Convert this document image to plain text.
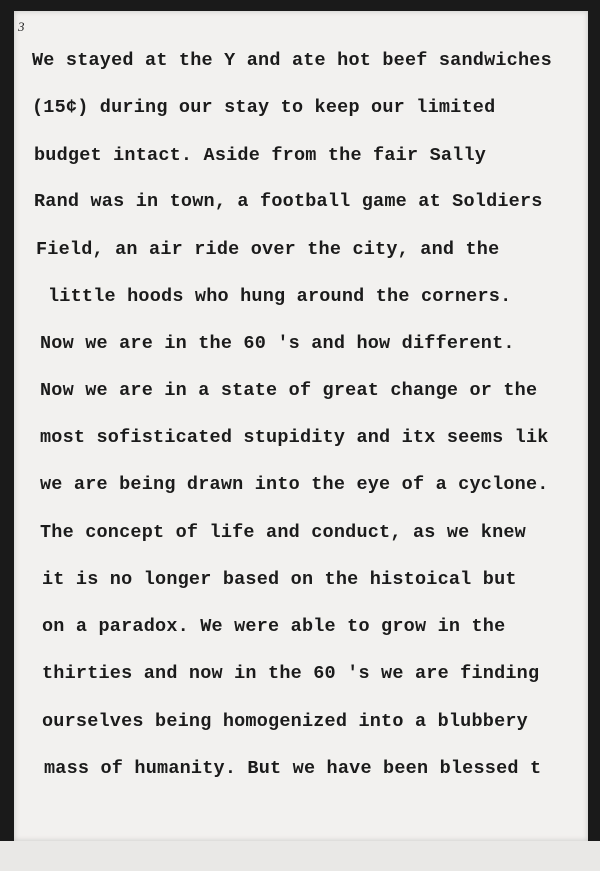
3
We stayed at the Y and ate hot beef sandwiches
(15¢) during our stay to keep our limited
budget intact. Aside from the fair Sally
Rand was in town, a football game at Soldiers
Field, an air ride over the city, and the
little hoods who hung around the corners.
Now we are in the 60 's and how different.
Now we are in a state of great change or the
most sofisticated stupidity and itx seems lik
we are being drawn into the eye of a cyclone.
The concept of life and conduct, as we knew
it is no longer based on the histoical but
on a paradox. We were able to grow in the
thirties and now in the 60 's we are finding
ourselves being homogenized into a blubbery
mass of humanity. But we have been blessed t
